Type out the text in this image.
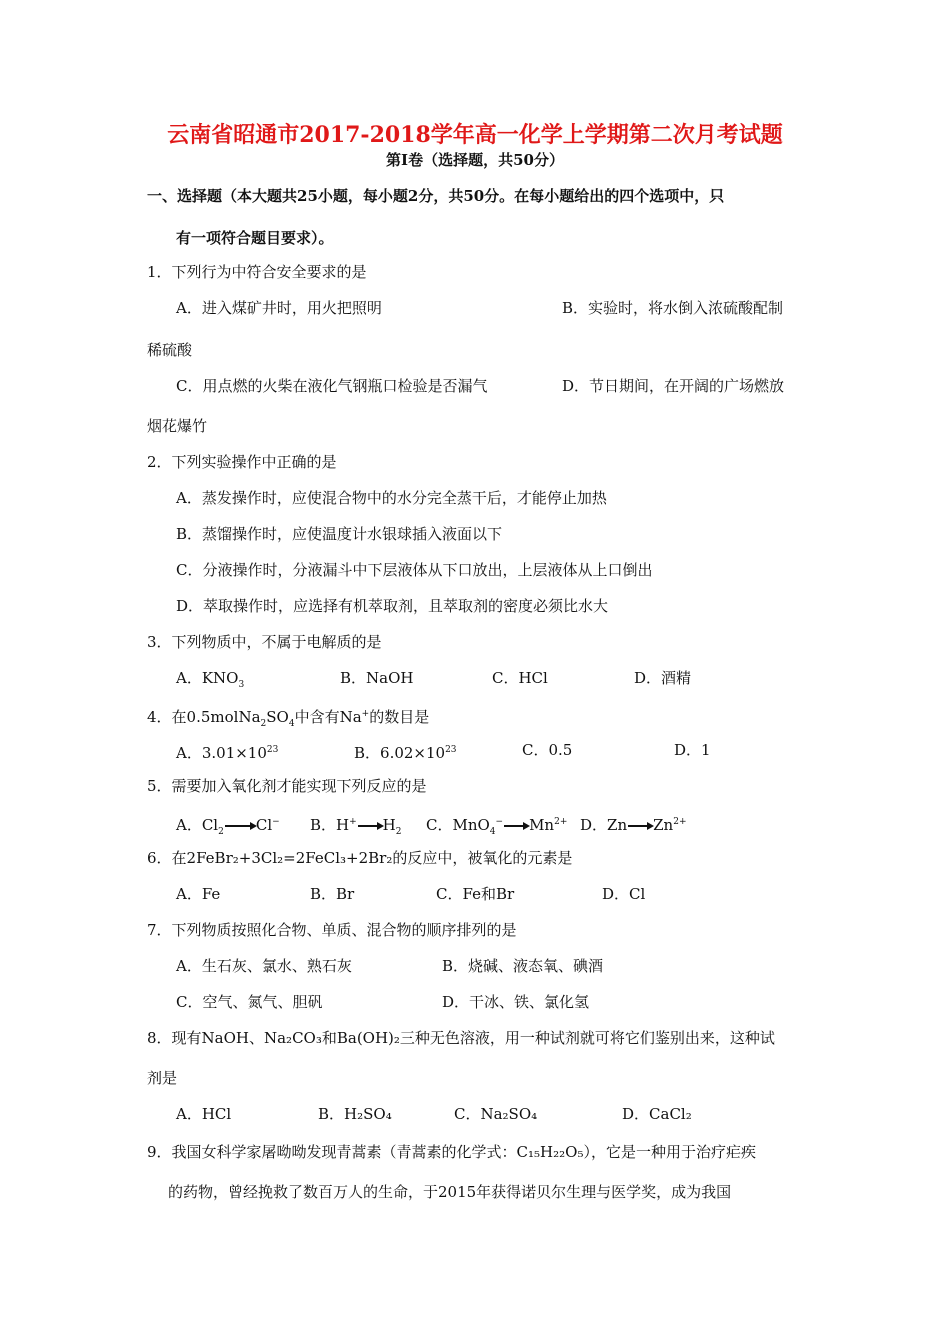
云南省昭通市2017-2018学年高一化学上学期第二次月考试题
第Ⅰ卷（选择题，共50分）
一、选择题（本大题共25小题，每小题2分，共50分。在每小题给出的四个选项中，只
有一项符合题目要求）。
1．下列行为中符合安全要求的是
A．进入煤矿井时，用火把照明	B．实验时，将水倒入浓硫酸配制
稀硫酸
C．用点燃的火柴在液化气钢瓶口检验是否漏气	D．节日期间，在开阔的广场燃放
烟花爆竹
2．下列实验操作中正确的是
A．蒸发操作时，应使混合物中的水分完全蒸干后，才能停止加热
B．蒸馏操作时，应使温度计水银球插入液面以下
C．分液操作时，分液漏斗中下层液体从下口放出，上层液体从上口倒出
D．萃取操作时，应选择有机萃取剂，且萃取剂的密度必须比水大
3．下列物质中，不属于电解质的是
A．$KNO_3$	B．NaOH	C．HCl	D．酒精
4．在$0.5molNa_2SO_4$中含有Na+的数目是
A．$3.01\times 10^{23}$	B．$6.02\times 10^{23}$	C．0.5	D．1
5．需要加入氧化剂才能实现下列反应的是
A．$Cl_2 \to Cl^-$ B．$H^+\to H_2$ C．$MnO_4^-\to Mn^{2+}$ D．$Zn\to Zn^{2+}$
6．在2FeBr₂+3Cl₂=2FeCl₃+2Br₂的反应中，被氧化的元素是
A．Fe	B．Br	C．Fe和Br	D．Cl
7．下列物质按照化合物、单质、混合物的顺序排列的是
A．生石灰、氯水、熟石灰	B．烧碱、液态氧、碘酒
C．空气、氮气、胆矾	D．干冰、铁、氯化氢
8．现有NaOH、Na₂CO₃和Ba(OH)₂三种无色溶液，用一种试剂就可将它们鉴别出来，这种试
剂是
A．HCl	B．H₂SO₄	C．Na₂SO₄	D．CaCl₂
9．我国女科学家屠呦呦发现青蒿素（青蒿素的化学式：C₁₅H₂₂O₅），它是一种用于治疗疟疾
的药物，曾经挽救了数百万人的生命，于2015年获得诺贝尔生理与医学奖，成为我国
